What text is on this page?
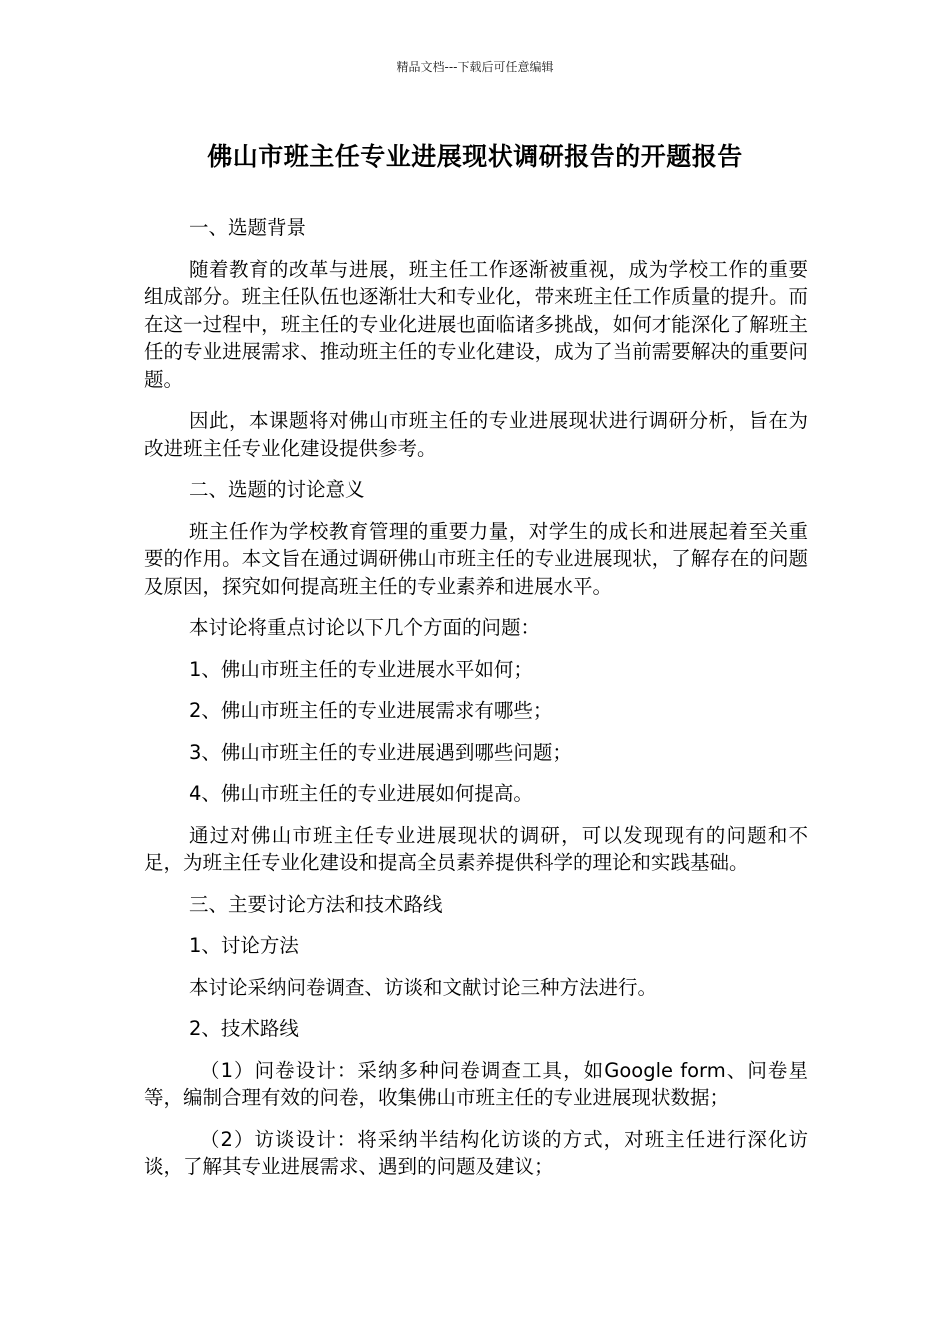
精品文档---下载后可任意编辑
佛山市班主任专业进展现状调研报告的开题报告

一、选题背景

随着教育的改革与进展，班主任工作逐渐被重视，成为学校工作的重要组成部分。班主任队伍也逐渐壮大和专业化，带来班主任工作质量的提升。而在这一过程中，班主任的专业化进展也面临诸多挑战，如何才能深化了解班主任的专业进展需求、推动班主任的专业化建设，成为了当前需要解决的重要问题。

因此，本课题将对佛山市班主任的专业进展现状进行调研分析，旨在为改进班主任专业化建设提供参考。

二、选题的讨论意义

班主任作为学校教育管理的重要力量，对学生的成长和进展起着至关重要的作用。本文旨在通过调研佛山市班主任的专业进展现状，了解存在的问题及原因，探究如何提高班主任的专业素养和进展水平。

本讨论将重点讨论以下几个方面的问题：

1、佛山市班主任的专业进展水平如何；

2、佛山市班主任的专业进展需求有哪些；

3、佛山市班主任的专业进展遇到哪些问题；

4、佛山市班主任的专业进展如何提高。

通过对佛山市班主任专业进展现状的调研，可以发现现有的问题和不足，为班主任专业化建设和提高全员素养提供科学的理论和实践基础。

三、主要讨论方法和技术路线

1、讨论方法

本讨论采纳问卷调查、访谈和文献讨论三种方法进行。

2、技术路线

（1）问卷设计：采纳多种问卷调查工具，如Google form、问卷星等，编制合理有效的问卷，收集佛山市班主任的专业进展现状数据；

（2）访谈设计：将采纳半结构化访谈的方式，对班主任进行深化访谈，了解其专业进展需求、遇到的问题及建议；
